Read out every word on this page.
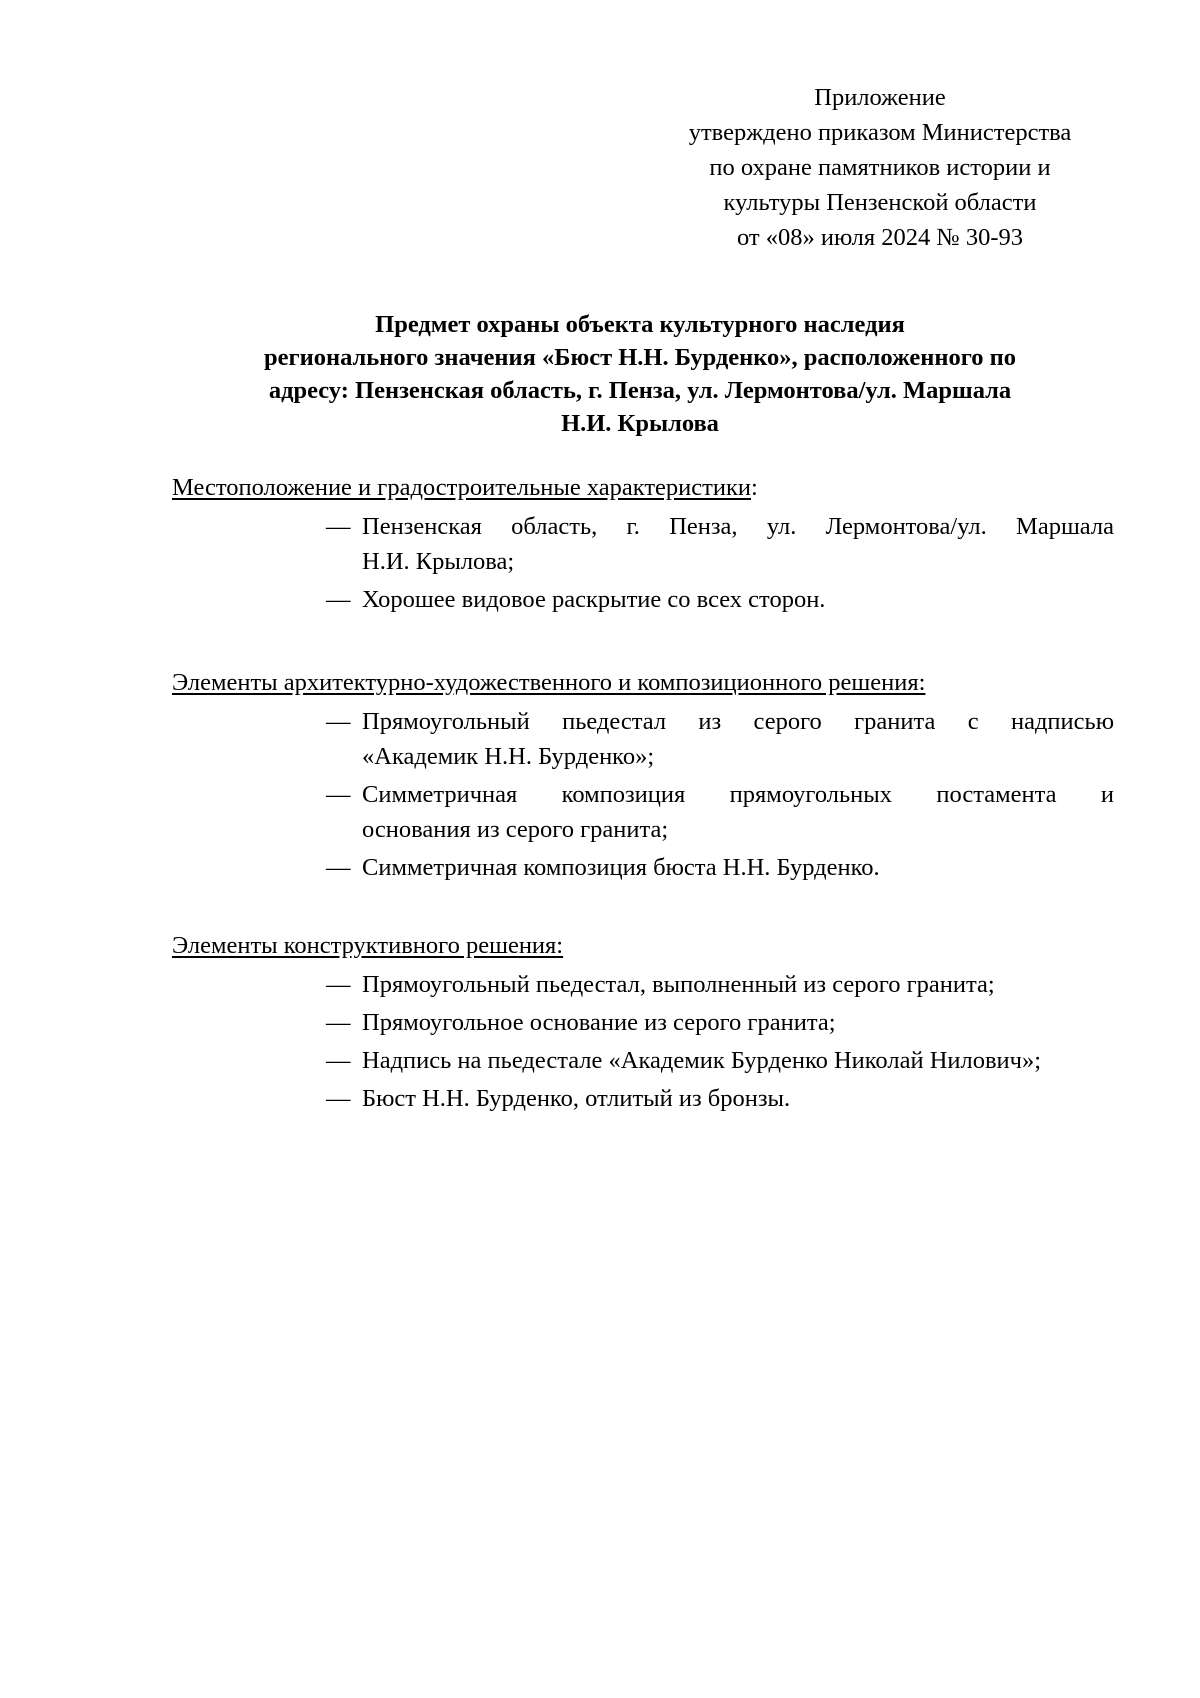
Приложение
утверждено приказом Министерства
по охране памятников истории и
культуры Пензенской области
от «08» июля 2024 № 30-93
Предмет охраны объекта культурного наследия
регионального значения «Бюст Н.Н. Бурденко», расположенного по
адресу: Пензенская область, г. Пенза, ул. Лермонтова/ул. Маршала
Н.И. Крылова
Местоположение и градостроительные характеристики:
— Пензенская область, г. Пенза, ул. Лермонтова/ул. Маршала
Н.И. Крылова;
— Хорошее видовое раскрытие со всех сторон.
Элементы архитектурно-художественного и композиционного решения:
— Прямоугольный пьедестал из серого гранита с надписью
«Академик Н.Н. Бурденко»;
— Симметричная композиция прямоугольных постамента и
основания из серого гранита;
— Симметричная композиция бюста Н.Н. Бурденко.
Элементы конструктивного решения:
— Прямоугольный пьедестал, выполненный из серого гранита;
— Прямоугольное основание из серого гранита;
— Надпись на пьедестале «Академик Бурденко Николай Нилович»;
— Бюст Н.Н. Бурденко, отлитый из бронзы.
